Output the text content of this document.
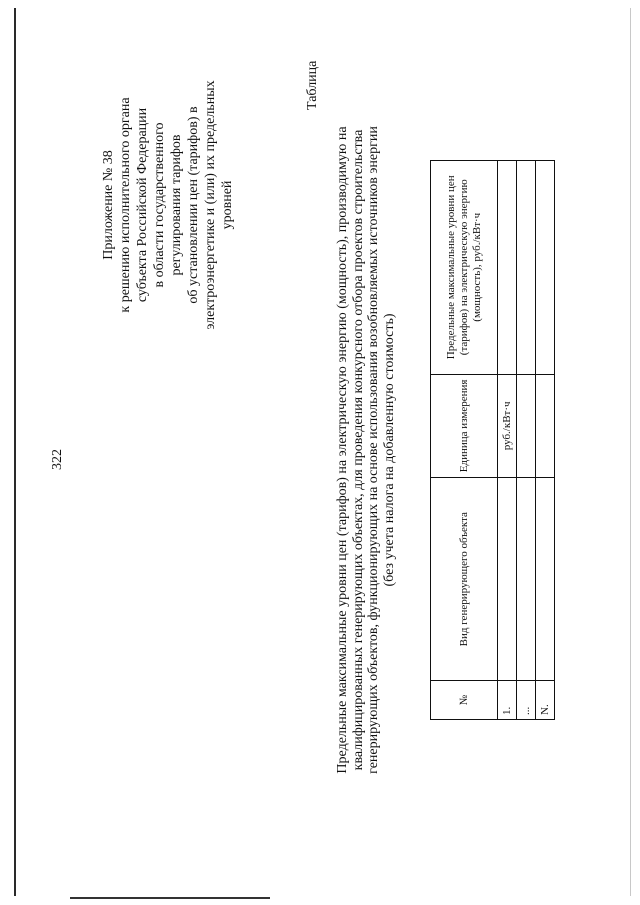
322
Приложение № 38 к решению исполнительного органа субъекта Российской Федерации в области государственного регулирования тарифов об установлении цен (тарифов) в электроэнергетике и (или) их предельных уровней
Таблица
Предельные максимальные уровни цен (тарифов) на электрическую энергию (мощность), производимую на квалифицированных генерирующих объектах, для проведения конкурсного отбора проектов строительства генерирующих объектов, функционирующих на основе использования возобновляемых источников энергии (без учета налога на добавленную стоимость)
№	Вид генерирующего объекта	Единица измерения	Предельные максимальные уровни цен (тарифов) на электрическую энергию (мощность), руб./кВт·ч
1.		руб./кВт·ч	
...			
N.			
